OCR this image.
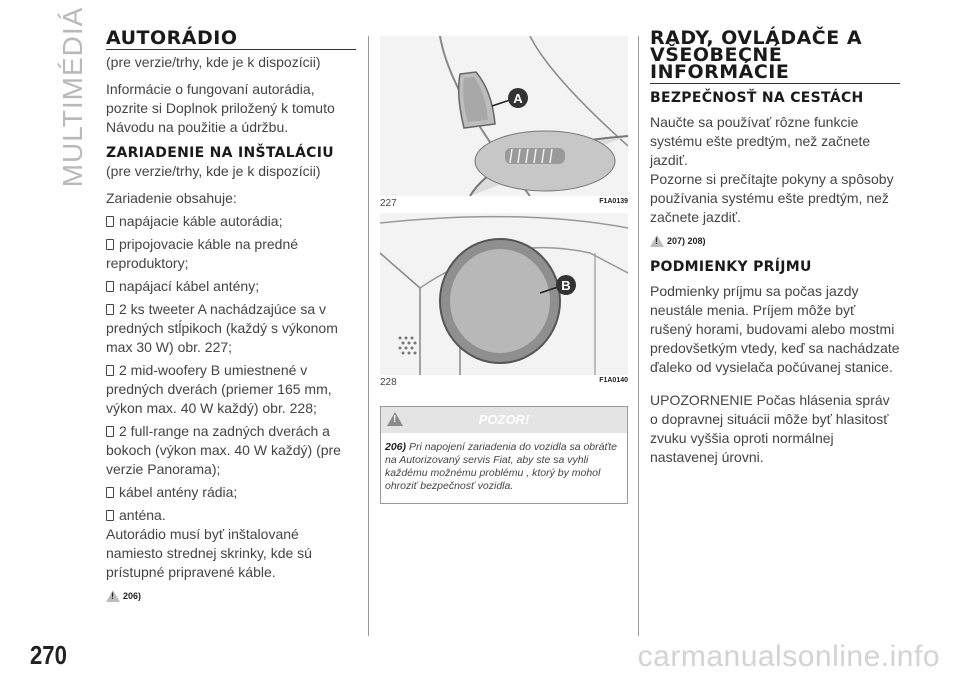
MULTIMÉDIÁ
270	carmanualsonline.info
AUTORÁDIO

(pre verzie/trhy, kde je k dispozícii)

Informácie o fungovaní autorádia, pozrite si Doplnok priložený k tomuto Návodu na použitie a údržbu.

ZARIADENIE NA INŠTALÁCIU

(pre verzie/trhy, kde je k dispozícii)

Zariadenie obsahuje:

napájacie káble autorádia;
pripojovacie káble na predné reproduktory;
napájací kábel antény;
2 ks tweeter A nachádzajúce sa v predných stĺpikoch (každý s výkonom max 30 W) obr. 227;
2 mid-woofery B umiestnené v predných dverách (priemer 165 mm, výkon max. 40 W každý) obr. 228;
2 full-range na zadných dverách a bokoch (výkon max. 40 W každý) (pre verzie Panorama);
kábel antény rádia;
anténa.

Autorádio musí byť inštalované namiesto strednej skrinky, kde sú prístupné pripravené káble.

!
206)
A
227	F1A0139
B
228	F1A0140
!
POZOR!
206) Pri napojení zariadenia do vozidla sa obráťte na Autorizovaný servis Fiat, aby ste sa vyhli každému možnému problému , ktorý by mohol ohroziť bezpečnosť vozidla.
RADY, OVLÁDAČE A VŠEOBECNÉ INFORMÁCIE
BEZPEČNOSŤ NA CESTÁCH

Naučte sa používať rôzne funkcie systému ešte predtým, než začnete jazdiť.

Pozorne si prečítajte pokyny a spôsoby používania systému ešte predtým, než začnete jazdiť.

!
207) 208)
PODMIENKY PRÍJMU

Podmienky príjmu sa počas jazdy neustále menia. Príjem môže byť rušený horami, budovami alebo mostmi predovšetkým vtedy, keď sa nachádzate ďaleko od vysielača počúvanej stanice.

UPOZORNENIE Počas hlásenia správ o dopravnej situácii môže byť hlasitosť zvuku vyššia oproti normálnej nastavenej úrovni.
